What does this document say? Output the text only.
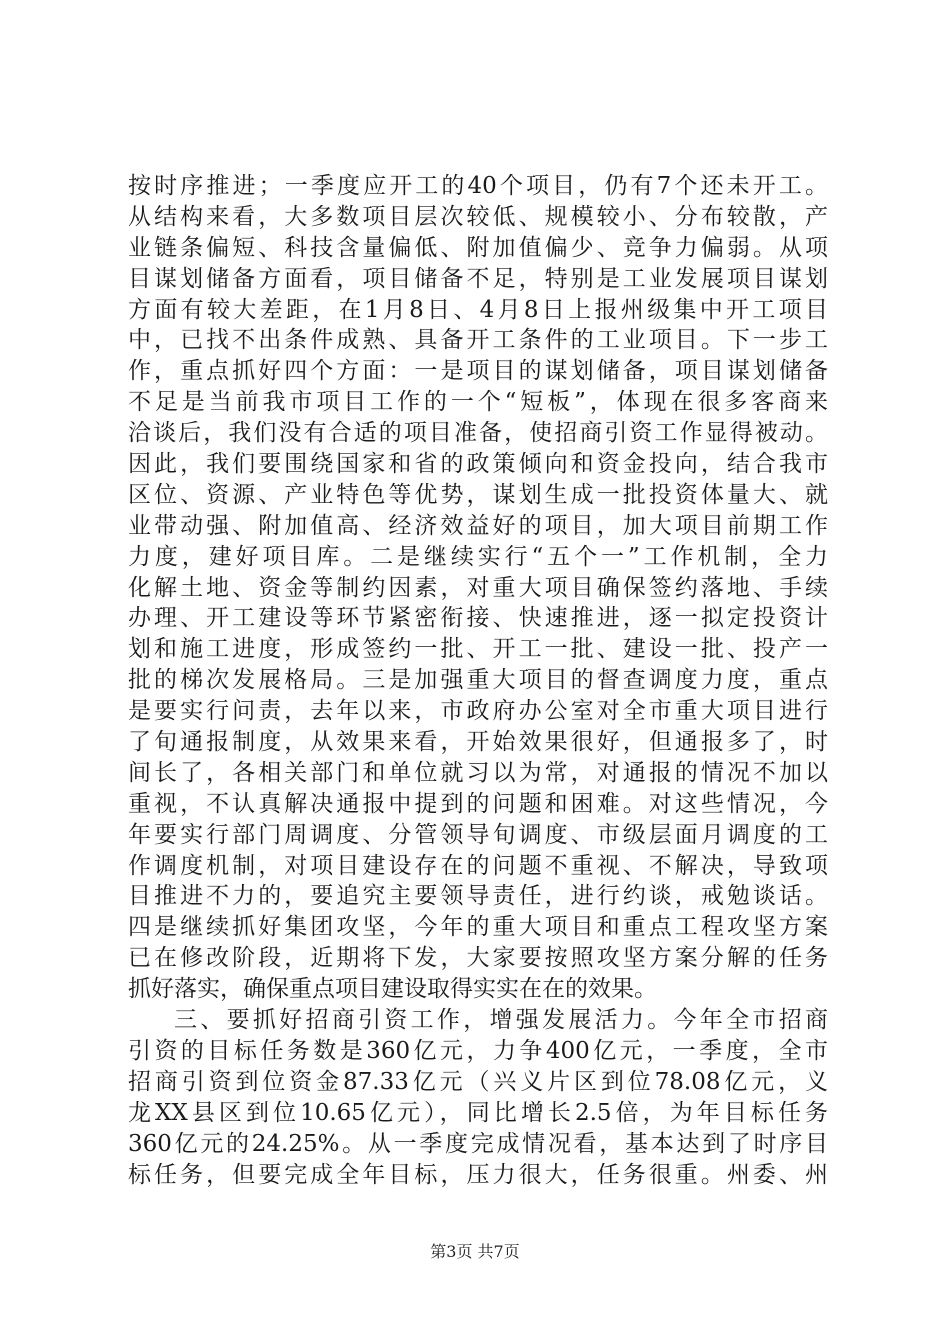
按时序推进；一季度应开工的40个项目，仍有7个还未开工。
从结构来看，大多数项目层次较低、规模较小、分布较散，产
业链条偏短、科技含量偏低、附加值偏少、竞争力偏弱。从项
目谋划储备方面看，项目储备不足，特别是工业发展项目谋划
方面有较大差距，在1月8日、4月8日上报州级集中开工项目
中，已找不出条件成熟、具备开工条件的工业项目。下一步工
作，重点抓好四个方面：一是项目的谋划储备，项目谋划储备
不足是当前我市项目工作的一个“短板”，体现在很多客商来
洽谈后，我们没有合适的项目准备，使招商引资工作显得被动。
因此，我们要围绕国家和省的政策倾向和资金投向，结合我市
区位、资源、产业特色等优势，谋划生成一批投资体量大、就
业带动强、附加值高、经济效益好的项目，加大项目前期工作
力度，建好项目库。二是继续实行“五个一”工作机制，全力
化解土地、资金等制约因素，对重大项目确保签约落地、手续
办理、开工建设等环节紧密衔接、快速推进，逐一拟定投资计
划和施工进度，形成签约一批、开工一批、建设一批、投产一
批的梯次发展格局。三是加强重大项目的督查调度力度，重点
是要实行问责，去年以来，市政府办公室对全市重大项目进行
了旬通报制度，从效果来看，开始效果很好，但通报多了，时
间长了，各相关部门和单位就习以为常，对通报的情况不加以
重视，不认真解决通报中提到的问题和困难。对这些情况，今
年要实行部门周调度、分管领导旬调度、市级层面月调度的工
作调度机制，对项目建设存在的问题不重视、不解决，导致项
目推进不力的，要追究主要领导责任，进行约谈，戒勉谈话。
四是继续抓好集团攻坚，今年的重大项目和重点工程攻坚方案
已在修改阶段，近期将下发，大家要按照攻坚方案分解的任务
抓好落实，确保重点项目建设取得实实在在的效果。
三、要抓好招商引资工作，增强发展活力。今年全市招商
引资的目标任务数是360亿元，力争400亿元，一季度，全市
招商引资到位资金87.33亿元（兴义片区到位78.08亿元，义
龙XX县区到位10.65亿元），同比增长2.5倍，为年目标任务
360亿元的24.25%。从一季度完成情况看，基本达到了时序目
标任务，但要完成全年目标，压力很大，任务很重。州委、州
第3页 共7页
